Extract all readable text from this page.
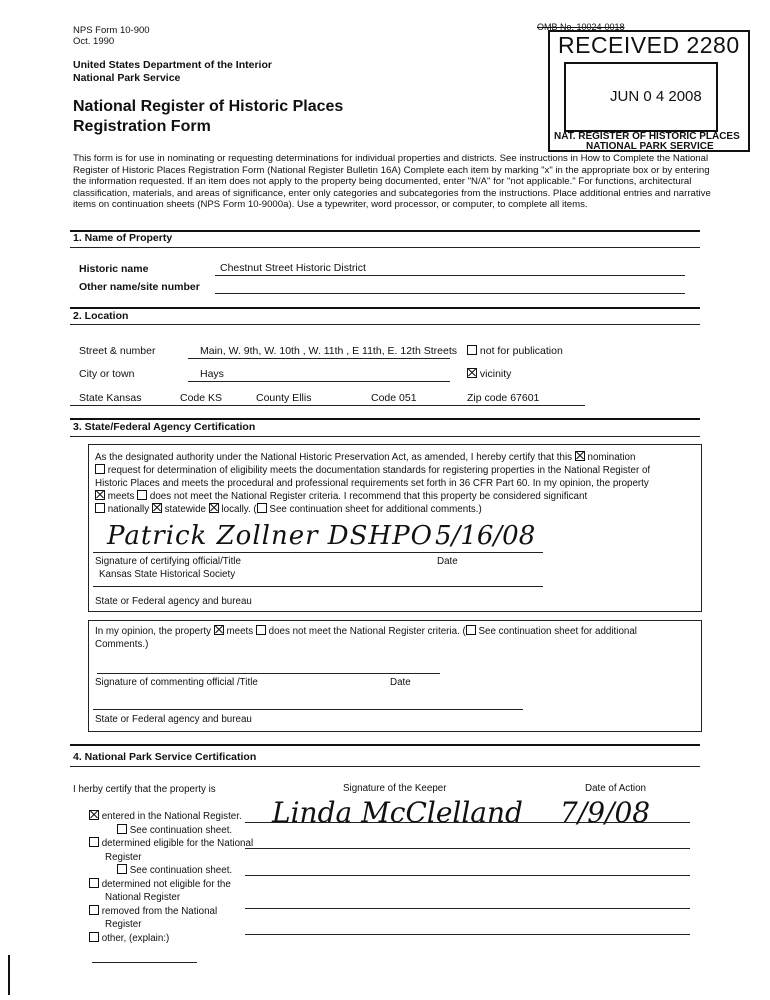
NPS Form 10-900
Oct. 1990
United States Department of the Interior
National Park Service
National Register of Historic Places
Registration Form
OMB No. 10024-0018
RECEIVED 2280
JUN 0 4 2008
NAT. REGISTER OF HISTORIC PLACES
NATIONAL PARK SERVICE
This form is for use in nominating or requesting determinations for individual properties and districts. See instructions in How to Complete the National
Register of Historic Places Registration Form (National Register Bulletin 16A) Complete each item by marking "x" in the appropriate box or by entering
the information requested. If an item does not apply to the property being documented, enter "N/A" for "not applicable." For functions, architectural
classification, materials, and areas of significance, enter only categories and subcategories from the instructions. Place additional entries and narrative
items on continuation sheets (NPS Form 10-9000a). Use a typewriter, word processor, or computer, to complete all items.
1. Name of Property
Historic name	Chestnut Street Historic District
Other name/site number
2. Location
Street & number	Main, W. 9th, W. 10th , W. 11th , E 11th, E. 12th Streets	not for publication
City or town	Hays	vicinity
State Kansas	Code KS	County Ellis	Code 051	Zip code 67601
3. State/Federal Agency Certification
As the designated authority under the National Historic Preservation Act, as amended, I hereby certify that this nomination
request for determination of eligibility meets the documentation standards for registering properties in the National Register of
Historic Places and meets the procedural and professional requirements set forth in 36 CFR Part 60. In my opinion, the property
meets does not meet the National Register criteria. I recommend that this property be considered significant
nationally statewide locally. ( See continuation sheet for additional comments.)
Patrick Zollner DSHPO 5/16/08
Signature of certifying official/Title	Date
Kansas State Historical Society
State or Federal agency and bureau
In my opinion, the property meets does not meet the National Register criteria. ( See continuation sheet for additional
Comments.)
Signature of commenting official /Title	Date
State or Federal agency and bureau
4. National Park Service Certification
I herby certify that the property is	Signature of the Keeper	Date of Action
Linda McClelland 7/9/08
entered in the National Register.
See continuation sheet.
determined eligible for the National
Register
See continuation sheet.
determined not eligible for the
National Register
removed from the National
Register
other, (explain:)
